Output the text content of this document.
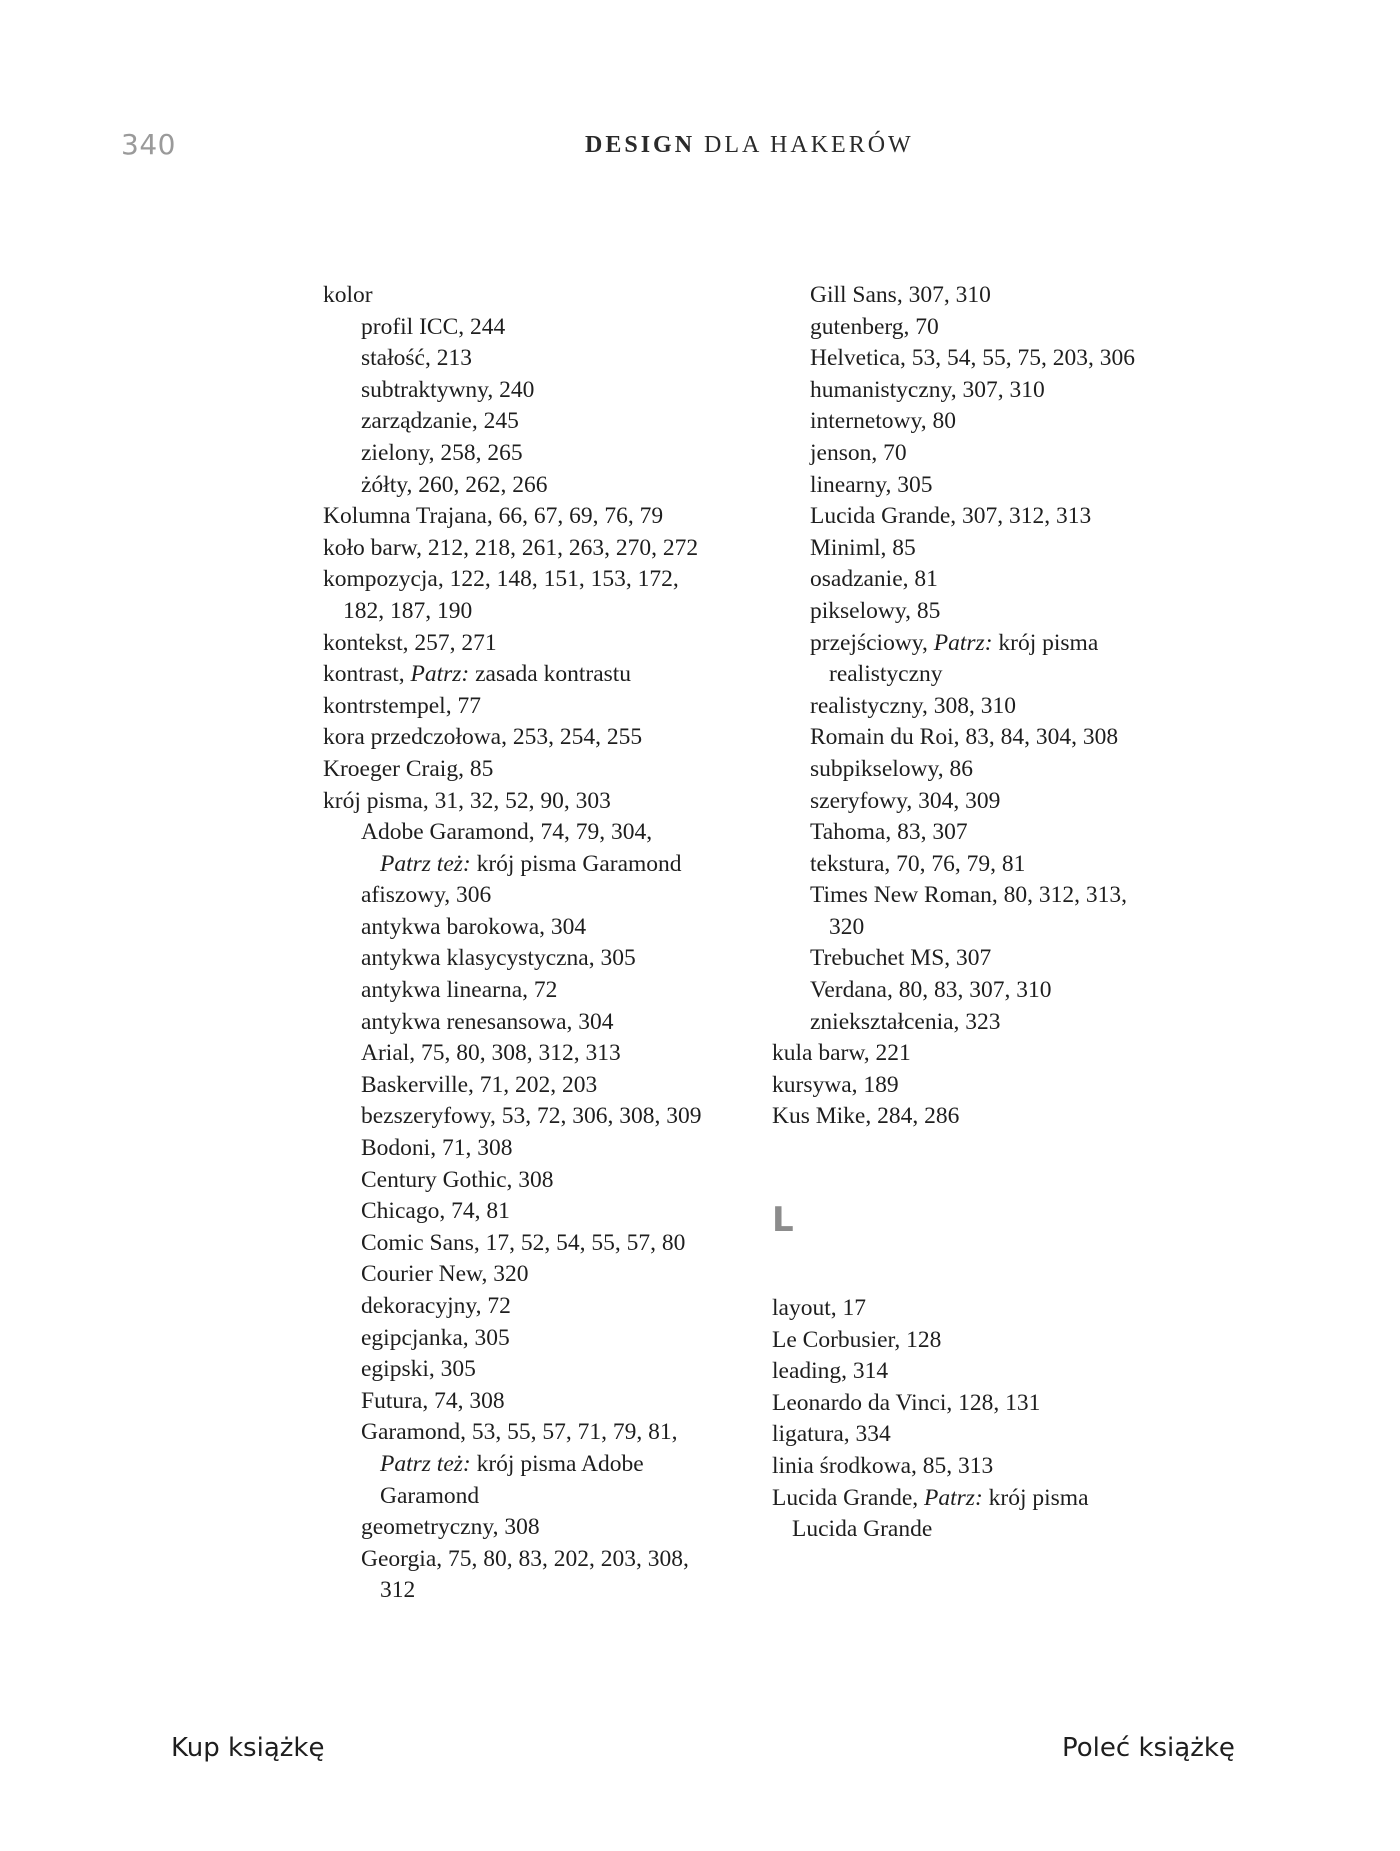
340	DESIGN DLA HAKERÓW
kolor
profil ICC, 244
stałość, 213
subtraktywny, 240
zarządzanie, 245
zielony, 258, 265
żółty, 260, 262, 266
Kolumna Trajana, 66, 67, 69, 76, 79
koło barw, 212, 218, 261, 263, 270, 272
kompozycja, 122, 148, 151, 153, 172,
182, 187, 190
kontekst, 257, 271
kontrast, Patrz: zasada kontrastu
kontrstempel, 77
kora przedczołowa, 253, 254, 255
Kroeger Craig, 85
krój pisma, 31, 32, 52, 90, 303
Adobe Garamond, 74, 79, 304,
Patrz też: krój pisma Garamond
afiszowy, 306
antykwa barokowa, 304
antykwa klasycystyczna, 305
antykwa linearna, 72
antykwa renesansowa, 304
Arial, 75, 80, 308, 312, 313
Baskerville, 71, 202, 203
bezszeryfowy, 53, 72, 306, 308, 309
Bodoni, 71, 308
Century Gothic, 308
Chicago, 74, 81
Comic Sans, 17, 52, 54, 55, 57, 80
Courier New, 320
dekoracyjny, 72
egipcjanka, 305
egipski, 305
Futura, 74, 308
Garamond, 53, 55, 57, 71, 79, 81,
Patrz też: krój pisma Adobe
Garamond
geometryczny, 308
Georgia, 75, 80, 83, 202, 203, 308,
312
Gill Sans, 307, 310
gutenberg, 70
Helvetica, 53, 54, 55, 75, 203, 306
humanistyczny, 307, 310
internetowy, 80
jenson, 70
linearny, 305
Lucida Grande, 307, 312, 313
Miniml, 85
osadzanie, 81
pikselowy, 85
przejściowy, Patrz: krój pisma
realistyczny
realistyczny, 308, 310
Romain du Roi, 83, 84, 304, 308
subpikselowy, 86
szeryfowy, 304, 309
Tahoma, 83, 307
tekstura, 70, 76, 79, 81
Times New Roman, 80, 312, 313,
320
Trebuchet MS, 307
Verdana, 80, 83, 307, 310
zniekształcenia, 323
kula barw, 221
kursywa, 189
Kus Mike, 284, 286
L
layout, 17
Le Corbusier, 128
leading, 314
Leonardo da Vinci, 128, 131
ligatura, 334
linia środkowa, 85, 313
Lucida Grande, Patrz: krój pisma
Lucida Grande
Kup książkę	Poleć książkę
